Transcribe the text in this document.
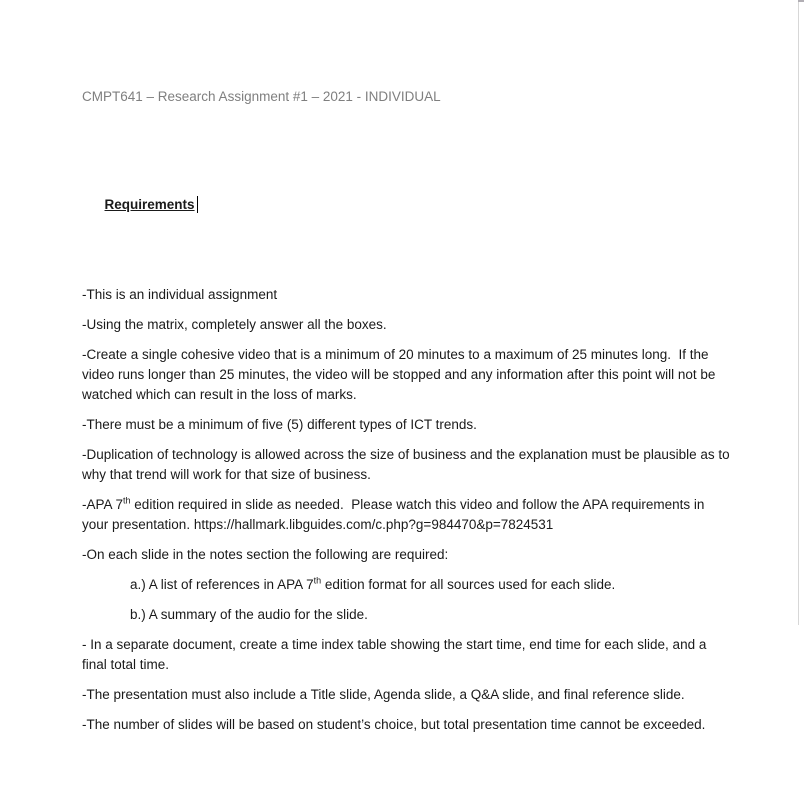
CMPT641 – Research Assignment #1 – 2021 - INDIVIDUAL

Requirements

-This is an individual assignment

-Using the matrix, completely answer all the boxes.

-Create a single cohesive video that is a minimum of 20 minutes to a maximum of 25 minutes long.  If the video runs longer than 25 minutes, the video will be stopped and any information after this point will not be watched which can result in the loss of marks.

-There must be a minimum of five (5) different types of ICT trends.

-Duplication of technology is allowed across the size of business and the explanation must be plausible as to why that trend will work for that size of business.

-APA 7th edition required in slide as needed.  Please watch this video and follow the APA requirements in your presentation. https://hallmark.libguides.com/c.php?g=984470&p=7824531

-On each slide in the notes section the following are required:

a.) A list of references in APA 7th edition format for all sources used for each slide.

b.) A summary of the audio for the slide.

- In a separate document, create a time index table showing the start time, end time for each slide, and a final total time.

-The presentation must also include a Title slide, Agenda slide, a Q&A slide, and final reference slide.

-The number of slides will be based on student’s choice, but total presentation time cannot be exceeded.
